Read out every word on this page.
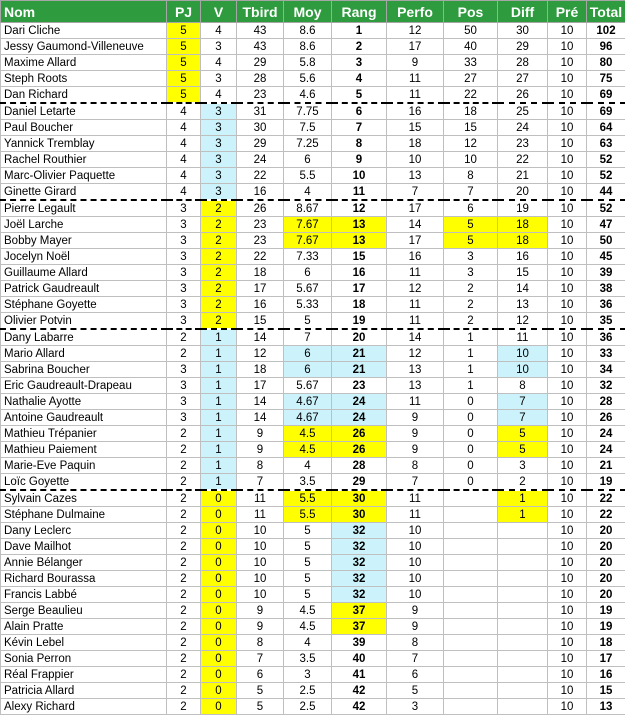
Nom	PJ	V	Tbird	Moy	Rang	Perfo	Pos	Diff	Pré	Total
Dari Cliche	5	4	43	8.6	1	12	50	30	10	102
Jessy Gaumond-Villeneuve	5	3	43	8.6	2	17	40	29	10	96
Maxime Allard	5	4	29	5.8	3	9	33	28	10	80
Steph Roots	5	3	28	5.6	4	11	27	27	10	75
Dan Richard	5	4	23	4.6	5	11	22	26	10	69
Daniel Letarte	4	3	31	7.75	6	16	18	25	10	69
Paul Boucher	4	3	30	7.5	7	15	15	24	10	64
Yannick Tremblay	4	3	29	7.25	8	18	12	23	10	63
Rachel Routhier	4	3	24	6	9	10	10	22	10	52
Marc-Olivier Paquette	4	3	22	5.5	10	13	8	21	10	52
Ginette Girard	4	3	16	4	11	7	7	20	10	44
Pierre Legault	3	2	26	8.67	12	17	6	19	10	52
Joël Larche	3	2	23	7.67	13	14	5	18	10	47
Bobby Mayer	3	2	23	7.67	13	17	5	18	10	50
Jocelyn Noël	3	2	22	7.33	15	16	3	16	10	45
Guillaume Allard	3	2	18	6	16	11	3	15	10	39
Patrick Gaudreault	3	2	17	5.67	17	12	2	14	10	38
Stéphane Goyette	3	2	16	5.33	18	11	2	13	10	36
Olivier Potvin	3	2	15	5	19	11	2	12	10	35
Dany Labarre	2	1	14	7	20	14	1	11	10	36
Mario Allard	2	1	12	6	21	12	1	10	10	33
Sabrina Boucher	3	1	18	6	21	13	1	10	10	34
Eric Gaudreault-Drapeau	3	1	17	5.67	23	13	1	8	10	32
Nathalie Ayotte	3	1	14	4.67	24	11	0	7	10	28
Antoine Gaudreault	3	1	14	4.67	24	9	0	7	10	26
Mathieu Trépanier	2	1	9	4.5	26	9	0	5	10	24
Mathieu Paiement	2	1	9	4.5	26	9	0	5	10	24
Marie-Eve Paquin	2	1	8	4	28	8	0	3	10	21
Loïc Goyette	2	1	7	3.5	29	7	0	2	10	19
Sylvain Cazes	2	0	11	5.5	30	11		1	10	22
Stéphane Dulmaine	2	0	11	5.5	30	11		1	10	22
Dany Leclerc	2	0	10	5	32	10			10	20
Dave Mailhot	2	0	10	5	32	10			10	20
Annie Bélanger	2	0	10	5	32	10			10	20
Richard Bourassa	2	0	10	5	32	10			10	20
Francis Labbé	2	0	10	5	32	10			10	20
Serge Beaulieu	2	0	9	4.5	37	9			10	19
Alain Pratte	2	0	9	4.5	37	9			10	19
Kévin Lebel	2	0	8	4	39	8			10	18
Sonia Perron	2	0	7	3.5	40	7			10	17
Réal Frappier	2	0	6	3	41	6			10	16
Patricia Allard	2	0	5	2.5	42	5			10	15
Alexy Richard	2	0	5	2.5	42	3			10	13
